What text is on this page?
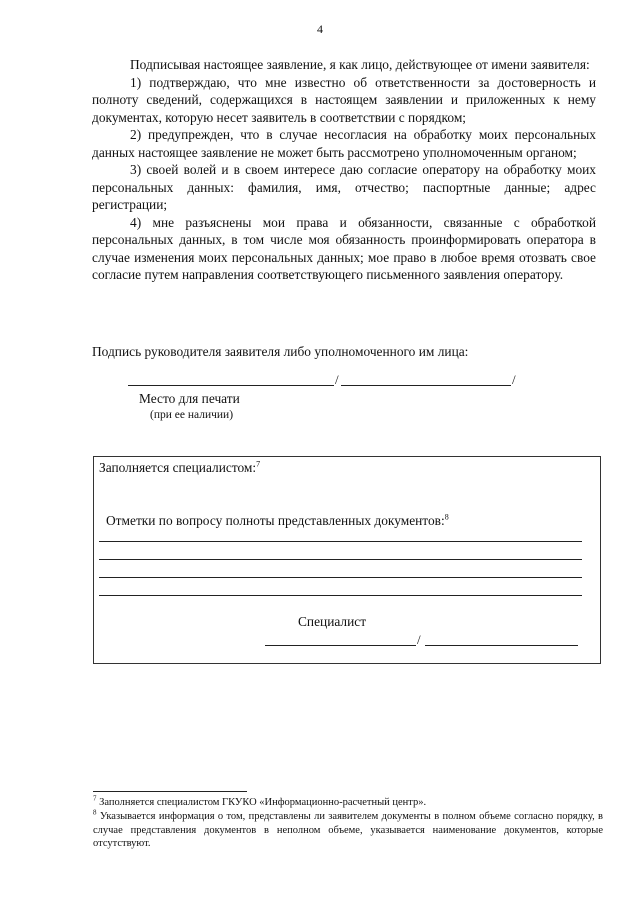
4

Подписывая настоящее заявление, я как лицо, действующее от имени заявителя:

1) подтверждаю, что мне известно об ответственности за достоверность и полноту сведений, содержащихся в настоящем заявлении и приложенных к нему документах, которую несет заявитель в соответствии с порядком;

2) предупрежден, что в случае несогласия на обработку моих персональных данных настоящее заявление не может быть рассмотрено уполномоченным органом;

3) своей волей и в своем интересе даю согласие оператору на обработку моих персональных данных: фамилия, имя, отчество; паспортные данные; адрес регистрации;

4) мне разъяснены мои права и обязанности, связанные с обработкой персональных данных, в том числе моя обязанность проинформировать оператора в случае изменения моих персональных данных; мое право в любое время отозвать свое согласие путем направления соответствующего письменного заявления оператору.

Подпись руководителя заявителя либо уполномоченного им лица:
/	/
Место для печати
(при ее наличии)
Заполняется специалистом:$^7$
Отметки по вопросу полноты представленных документов:$^8$
Специалист
/
$^7$ Заполняется специалистом ГКУКО «Информационно-расчетный центр».
$^8$ Указывается информация о том, представлены ли заявителем документы в полном объеме согласно порядку, в случае представления документов в неполном объеме, указывается наименование документов, которые отсутствуют.
